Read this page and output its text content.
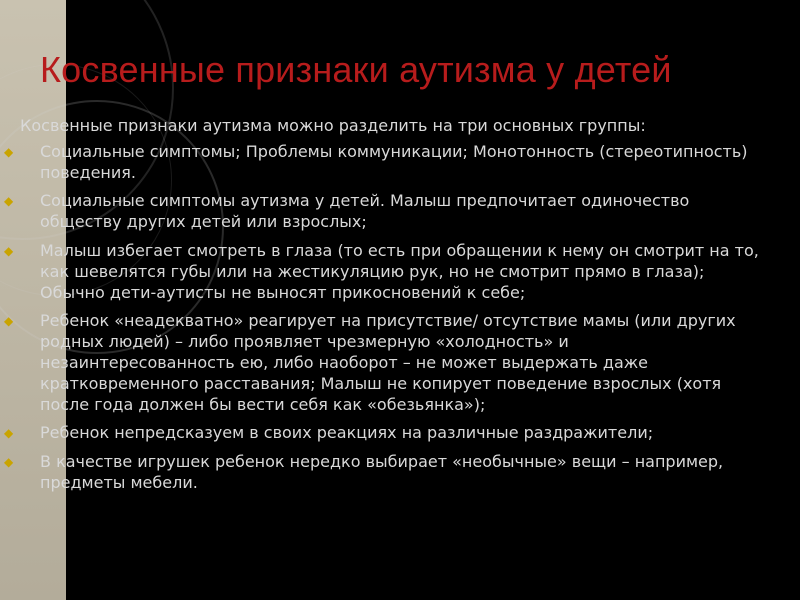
Косвенные признаки аутизма у детей

Косвенные признаки аутизма можно разделить на три основных группы:

◆ Социальные симптомы; Проблемы коммуникации; Монотонность (стереотипность) поведения.
◆ Социальные симптомы аутизма у детей. Малыш предпочитает одиночество обществу других детей или взрослых;
◆ Малыш избегает смотреть в глаза (то есть при обращении к нему он смотрит на то, как шевелятся губы или на жестикуляцию рук, но не смотрит прямо в глаза); Обычно дети-аутисты не выносят прикосновений к себе;
◆ Ребенок «неадекватно» реагирует на присутствие/ отсутствие мамы (или других родных людей) – либо проявляет чрезмерную «холодность» и незаинтересованность ею, либо наоборот – не может выдержать даже кратковременного расставания; Малыш не копирует поведение взрослых (хотя после года должен бы вести себя как «обезьянка»);
◆ Ребенок непредсказуем в своих реакциях на различные раздражители;
◆ В качестве игрушек ребенок нередко выбирает «необычные» вещи – например, предметы мебели.
